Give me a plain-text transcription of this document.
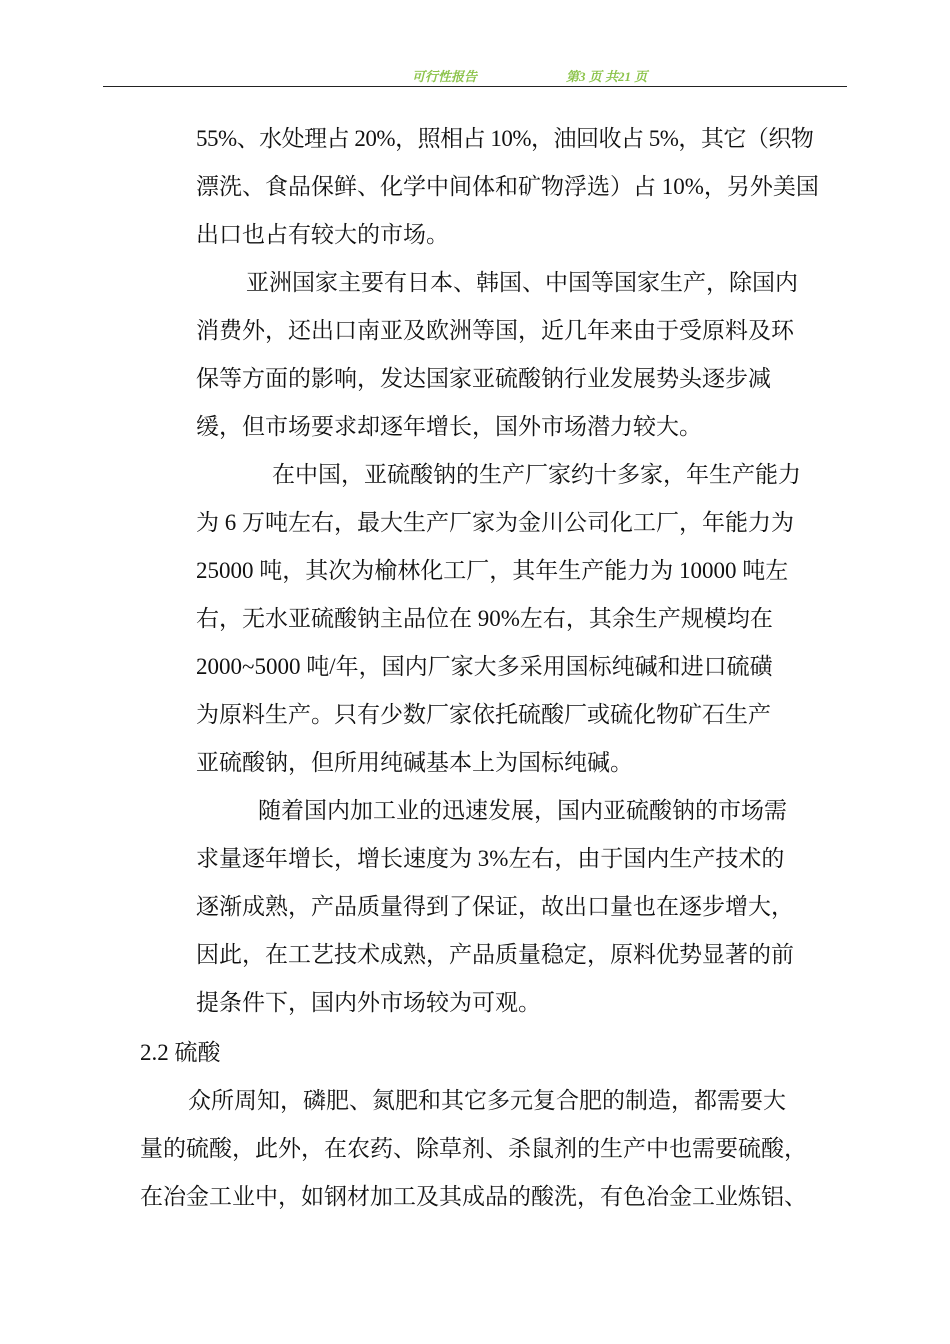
可行性报告	第3 页 共21 页
55%、水处理占 20%，照相占 10%，油回收占 5%，其它（织物
漂洗、食品保鲜、化学中间体和矿物浮选）占 10%，另外美国
出口也占有较大的市场。
亚洲国家主要有日本、韩国、中国等国家生产，除国内
消费外，还出口南亚及欧洲等国，近几年来由于受原料及环
保等方面的影响，发达国家亚硫酸钠行业发展势头逐步减
缓，但市场要求却逐年增长，国外市场潜力较大。
在中国，亚硫酸钠的生产厂家约十多家，年生产能力
为 6 万吨左右，最大生产厂家为金川公司化工厂，年能力为
25000 吨，其次为榆林化工厂，其年生产能力为 10000 吨左
右，无水亚硫酸钠主品位在 90%左右，其余生产规模均在
2000~5000 吨/年，国内厂家大多采用国标纯碱和进口硫磺
为原料生产。只有少数厂家依托硫酸厂或硫化物矿石生产
亚硫酸钠，但所用纯碱基本上为国标纯碱。
随着国内加工业的迅速发展，国内亚硫酸钠的市场需
求量逐年增长，增长速度为 3%左右，由于国内生产技术的
逐渐成熟，产品质量得到了保证，故出口量也在逐步增大，
因此，在工艺技术成熟，产品质量稳定，原料优势显著的前
提条件下，国内外市场较为可观。
2.2 硫酸
众所周知，磷肥、氮肥和其它多元复合肥的制造，都需要大
量的硫酸，此外，在农药、除草剂、杀鼠剂的生产中也需要硫酸，
在冶金工业中，如钢材加工及其成品的酸洗，有色冶金工业炼铝、
